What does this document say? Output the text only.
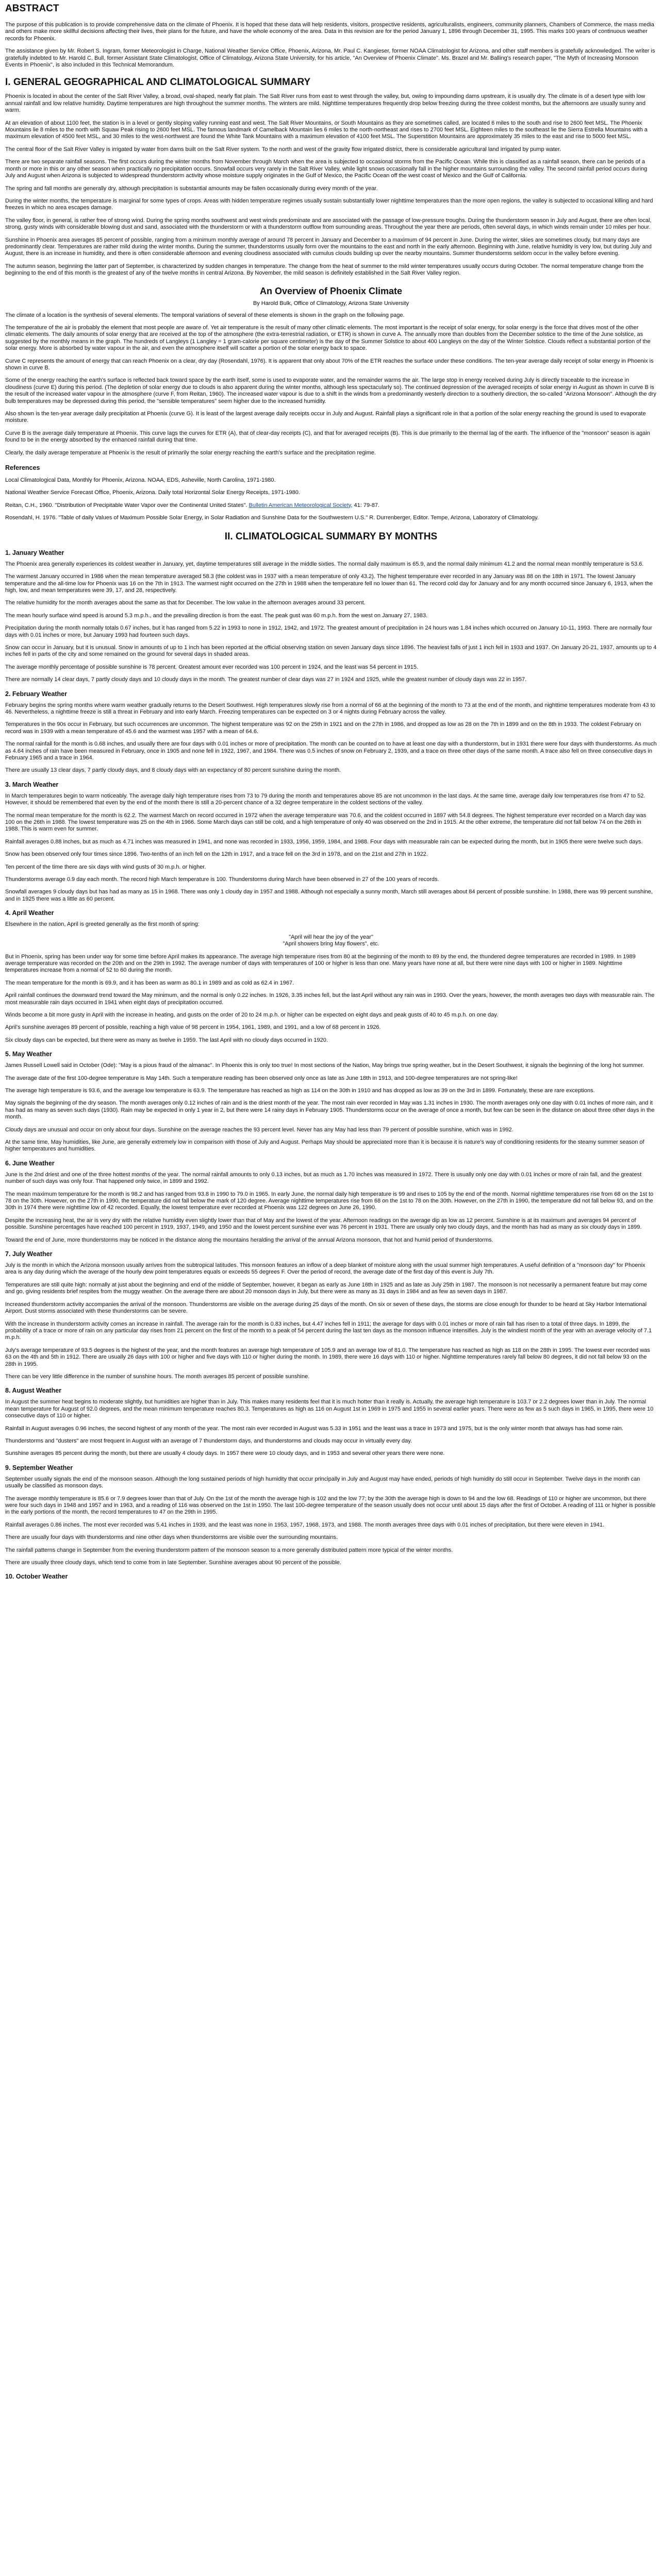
ABSTRACT

The purpose of this publication is to provide comprehensive data on the climate of Phoenix. It is hoped that these data will help residents, visitors, prospective residents, agriculturalists, engineers, community planners, Chambers of Commerce, the mass media and others make more skillful decisions affecting their lives, their plans for the future, and have the whole economy of the area. Data in this revision are for the period January 1, 1896 through December 31, 1995. This marks 100 years of continuous weather records for Phoenix.

The assistance given by Mr. Robert S. Ingram, former Meteorologist in Charge, National Weather Service Office, Phoenix, Arizona, Mr. Paul C. Kangieser, former NOAA Climatologist for Arizona, and other staff members is gratefully acknowledged. The writer is gratefully indebted to Mr. Harold C. Bull, former Assistant State Climatologist, Office of Climatology, Arizona State University, for his article, "An Overview of Phoenix Climate". Ms. Brazel and Mr. Balling's research paper, "The Myth of Increasing Monsoon Events in Phoenix", is also included in this Technical Memorandum.

I. GENERAL GEOGRAPHICAL AND CLIMATOLOGICAL SUMMARY

Phoenix is located in about the center of the Salt River Valley, a broad, oval-shaped, nearly flat plain. The Salt River runs from east to west through the valley, but, owing to impounding dams upstream, it is usually dry. The climate is of a desert type with low annual rainfall and low relative humidity. Daytime temperatures are high throughout the summer months. The winters are mild. Nighttime temperatures frequently drop below freezing during the three coldest months, but the afternoons are usually sunny and warm.

At an elevation of about 1100 feet, the station is in a level or gently sloping valley running east and west. The Salt River Mountains, or South Mountains as they are sometimes called, are located 6 miles to the south and rise to 2600 feet MSL. The Phoenix Mountains lie 8 miles to the north with Squaw Peak rising to 2600 feet MSL. The famous landmark of Camelback Mountain lies 6 miles to the north-northeast and rises to 2700 feet MSL. Eighteen miles to the southeast lie the Sierra Estrella Mountains with a maximum elevation of 4500 feet MSL, and 30 miles to the west-northwest are found the White Tank Mountains with a maximum elevation of 4100 feet MSL. The Superstition Mountains are approximately 35 miles to the east and rise to 5000 feet MSL.

The central floor of the Salt River Valley is irrigated by water from dams built on the Salt River system. To the north and west of the gravity flow irrigated district, there is considerable agricultural land irrigated by pump water.

There are two separate rainfall seasons. The first occurs during the winter months from November through March when the area is subjected to occasional storms from the Pacific Ocean. While this is classified as a rainfall season, there can be periods of a month or more in this or any other season when practically no precipitation occurs. Snowfall occurs very rarely in the Salt River Valley, while light snows occasionally fall in the higher mountains surrounding the valley. The second rainfall period occurs during July and August when Arizona is subjected to widespread thunderstorm activity whose moisture supply originates in the Gulf of Mexico, the Pacific Ocean off the west coast of Mexico and the Gulf of California.

The spring and fall months are generally dry, although precipitation is substantial amounts may be fallen occasionally during every month of the year.

During the winter months, the temperature is marginal for some types of crops. Areas with hidden temperature regimes usually sustain substantially lower nighttime temperatures than the more open regions, the valley is subjected to occasional killing and hard freezes in which no area escapes damage.

The valley floor, in general, is rather free of strong wind. During the spring months southwest and west winds predominate and are associated with the passage of low-pressure troughs. During the thunderstorm season in July and August, there are often local, strong, gusty winds with considerable blowing dust and sand, associated with the thunderstorm or with a thunderstorm outflow from surrounding areas. Throughout the year there are periods, often several days, in which winds remain under 10 miles per hour.

Sunshine in Phoenix area averages 85 percent of possible, ranging from a minimum monthly average of around 78 percent in January and December to a maximum of 94 percent in June. During the winter, skies are sometimes cloudy, but many days are predominantly clear. Temperatures are rather mild during the winter months. During the summer, thunderstorms usually form over the mountains to the east and north in the early afternoon. Beginning with June, relative humidity is very low, but during July and August, there is an increase in humidity, and there is often considerable afternoon and evening cloudiness associated with cumulus clouds building up over the nearby mountains. Summer thunderstorms seldom occur in the valley before evening.

The autumn season, beginning the latter part of September, is characterized by sudden changes in temperature. The change from the heat of summer to the mild winter temperatures usually occurs during October. The normal temperature change from the beginning to the end of this month is the greatest of any of the twelve months in central Arizona. By November, the mild season is definitely established in the Salt River Valley region.

An Overview of Phoenix Climate
By Harold Bulk, Office of Climatology, Arizona State University

The climate of a location is the synthesis of several elements. The temporal variations of several of these elements is shown in the graph on the following page.

The temperature of the air is probably the element that most people are aware of. Yet air temperature is the result of many other climatic elements. The most important is the receipt of solar energy, for solar energy is the force that drives most of the other climatic elements. The daily amounts of solar energy that are received at the top of the atmosphere (the extra-terrestrial radiation, or ETR) is shown in curve A. The annually more than doubles from the December solstice to the time of the June solstice, as suggested by the monthly means in the graph. The hundreds of Langleys (1 Langley = 1 gram-calorie per square centimeter) is the day of the Summer Solstice to about 400 Langleys on the day of the Winter Solstice. Clouds reflect a substantial portion of the solar energy. More is absorbed by water vapour in the air, and even the atmosphere itself will scatter a portion of the solar energy back to space.

Curve C represents the amount of energy that can reach Phoenix on a clear, dry day (Rosendahl, 1976). It is apparent that only about 70% of the ETR reaches the surface under these conditions. The ten-year average daily receipt of solar energy in Phoenix is shown in curve B.

Some of the energy reaching the earth's surface is reflected back toward space by the earth itself, some is used to evaporate water, and the remainder warms the air. The large stop in energy received during July is directly traceable to the increase in cloudiness (curve E) during this period. (The depletion of solar energy due to clouds is also apparent during the winter months, although less spectacularly so). The continued depression of the averaged receipts of solar energy in August as shown in curve B is the result of the increased water vapour in the atmosphere (curve F, from Reitan, 1960). The increased water vapour is due to a shift in the winds from a predominantly westerly direction to a southerly direction, the so-called "Arizona Monsoon". Although the dry bulb temperatures may be depressed during this period, the "sensible temperatures" seem higher due to the increased humidity.

Also shown is the ten-year average daily precipitation at Phoenix (curve G). It is least of the largest average daily receipts occur in July and August. Rainfall plays a significant role in that a portion of the solar energy reaching the ground is used to evaporate moisture.

Curve B is the average daily temperature at Phoenix. This curve lags the curves for ETR (A), that of clear-day receipts (C), and that for averaged receipts (B). This is due primarily to the thermal lag of the earth. The influence of the "monsoon" season is again found to be in the energy absorbed by the enhanced rainfall during that time.

Clearly, the daily average temperature at Phoenix is the result of primarily the solar energy reaching the earth's surface and the precipitation regime.

References

Local Climatological Data, Monthly for Phoenix, Arizona. NOAA, EDS, Asheville, North Carolina, 1971-1980.

National Weather Service Forecast Office, Phoenix, Arizona. Daily total Horizontal Solar Energy Receipts, 1971-1980.

Reitan, C.H., 1960. "Distribution of Precipitable Water Vapor over the Continental United States". Bulletin American Meteorological Society, 41: 79-87.

Rosendahl, H. 1976. "Table of daily Values of Maximum Possible Solar Energy, in Solar Radiation and Sunshine Data for the Southwestern U.S." R. Durrenberger, Editor. Tempe, Arizona, Laboratory of Climatology.

II. CLIMATOLOGICAL SUMMARY BY MONTHS
1. January Weather

The Phoenix area generally experiences its coldest weather in January, yet, daytime temperatures still average in the middle sixties. The normal daily maximum is 65.9, and the normal daily minimum 41.2 and the normal mean monthly temperature is 53.6.

The warmest January occurred in 1986 when the mean temperature averaged 58.3 (the coldest was in 1937 with a mean temperature of only 43.2). The highest temperature ever recorded in any January was 88 on the 18th in 1971. The lowest January temperature and the all-time low for Phoenix was 16 on the 7th in 1913. The warmest night occurred on the 27th in 1988 when the temperature fell no lower than 61. The record cold day for January and for any month occurred since January 6, 1913, when the high, low, and mean temperatures were 39, 17, and 28, respectively.

The relative humidity for the month averages about the same as that for December. The low value in the afternoon averages around 33 percent.

The mean hourly surface wind speed is around 5.3 m.p.h., and the prevailing direction is from the east. The peak gust was 60 m.p.h. from the west on January 27, 1983.

Precipitation during the month normally totals 0.67 inches, but it has ranged from 5.22 in 1993 to none in 1912, 1942, and 1972. The greatest amount of precipitation in 24 hours was 1.84 inches which occurred on January 10-11, 1993. There are normally four days with 0.01 inches or more, but January 1993 had fourteen such days.

Snow can occur in January, but it is unusual. Snow in amounts of up to 1 inch has been reported at the official observing station on seven January days since 1896. The heaviest falls of just 1 inch fell in 1933 and 1937. On January 20-21, 1937, amounts up to 4 inches fell in parts of the city and some remained on the ground for several days in shaded areas.

The average monthly percentage of possible sunshine is 78 percent. Greatest amount ever recorded was 100 percent in 1924, and the least was 54 percent in 1915.

There are normally 14 clear days, 7 partly cloudy days and 10 cloudy days in the month. The greatest number of clear days was 27 in 1924 and 1925, while the greatest number of cloudy days was 22 in 1957.

2. February Weather

February begins the spring months where warm weather gradually returns to the Desert Southwest. High temperatures slowly rise from a normal of 66 at the beginning of the month to 73 at the end of the month, and nighttime temperatures moderate from 43 to 46. Nevertheless, a nighttime freeze is still a threat in February and into early March. Freezing temperatures can be expected on 3 or 4 nights during February across the valley.

Temperatures in the 90s occur in February, but such occurrences are uncommon. The highest temperature was 92 on the 25th in 1921 and on the 27th in 1986, and dropped as low as 28 on the 7th in 1899 and on the 8th in 1933. The coldest February on record was in 1939 with a mean temperature of 45.6 and the warmest was 1957 with a mean of 64.6.

The normal rainfall for the month is 0.68 inches, and usually there are four days with 0.01 inches or more of precipitation. The month can be counted on to have at least one day with a thunderstorm, but in 1931 there were four days with thunderstorms. As much as 4.64 inches of rain have been measured in February, once in 1905 and none fell in 1922, 1967, and 1984. There was 0.5 inches of snow on February 2, 1939, and a trace on three other days of the same month. A trace also fell on three consecutive days in February 1965 and a trace in 1964.

There are usually 13 clear days, 7 partly cloudy days, and 8 cloudy days with an expectancy of 80 percent sunshine during the month.

3. March Weather

In March temperatures begin to warm noticeably. The average daily high temperature rises from 73 to 79 during the month and temperatures above 85 are not uncommon in the last days. At the same time, average daily low temperatures rise from 47 to 52. However, it should be remembered that even by the end of the month there is still a 20-percent chance of a 32 degree temperature in the coldest sections of the valley.

The normal mean temperature for the month is 62.2. The warmest March on record occurred in 1972 when the average temperature was 70.6, and the coldest occurred in 1897 with 54.8 degrees. The highest temperature ever recorded on a March day was 100 on the 26th in 1988. The lowest temperature was 25 on the 4th in 1966. Some March days can still be cold, and a high temperature of only 40 was observed on the 2nd in 1915. At the other extreme, the temperature did not fall below 74 on the 26th in 1988. This is warm even for summer.

Rainfall averages 0.88 inches, but as much as 4.71 inches was measured in 1941, and none was recorded in 1933, 1956, 1959, 1984, and 1988. Four days with measurable rain can be expected during the month, but in 1905 there were twelve such days.

Snow has been observed only four times since 1896. Two-tenths of an inch fell on the 12th in 1917, and a trace fell on the 3rd in 1978, and on the 21st and 27th in 1922.

Ten percent of the time there are six days with wind gusts of 30 m.p.h. or higher.

Thunderstorms average 0.9 day each month. The record high March temperature is 100. Thunderstorms during March have been observed in 27 of the 100 years of records.

Snowfall averages 9 cloudy days but has had as many as 15 in 1968. There was only 1 cloudy day in 1957 and 1988. Although not especially a sunny month, March still averages about 84 percent of possible sunshine. In 1988, there was 99 percent sunshine, and in 1925 there was a little as 60 percent.

4. April Weather

Elsewhere in the nation, April is greeted generally as the first month of spring:

"April will hear the joy of the year"
"April showers bring May flowers", etc.

But in Phoenix, spring has been under way for some time before April makes its appearance. The average high temperature rises from 80 at the beginning of the month to 89 by the end, the thundered degree temperatures are recorded in 1989. In 1989 average temperature was recorded on the 20th and on the 29th in 1992. The average number of days with temperatures of 100 or higher is less than one. Many years have none at all, but there were nine days with 100 or higher in 1989. Nighttime temperatures increase from a normal of 52 to 60 during the month.

The mean temperature for the month is 69.9, and it has been as warm as 80.1 in 1989 and as cold as 62.4 in 1967.

April rainfall continues the downward trend toward the May minimum, and the normal is only 0.22 inches. In 1926, 3.35 inches fell, but the last April without any rain was in 1993. Over the years, however, the month averages two days with measurable rain. The most measurable rain days occurred in 1941 when eight days of precipitation occurred.

Winds become a bit more gusty in April with the increase in heating, and gusts on the order of 20 to 24 m.p.h. or higher can be expected on eight days and peak gusts of 40 to 45 m.p.h. on one day.

April's sunshine averages 89 percent of possible, reaching a high value of 98 percent in 1954, 1961, 1989, and 1991, and a low of 68 percent in 1926.

Six cloudy days can be expected, but there were as many as twelve in 1959. The last April with no cloudy days occurred in 1920.

5. May Weather

James Russell Lowell said in October (Ode): "May is a pious fraud of the almanac". In Phoenix this is only too true! In most sections of the Nation, May brings true spring weather, but in the Desert Southwest, it signals the beginning of the long hot summer.

The average date of the first 100-degree temperature is May 14th. Such a temperature reading has been observed only once as late as June 18th in 1913, and 100-degree temperatures are not spring-like!

The average high temperature is 93.6, and the average low temperature is 63.9. The temperature has reached as high as 114 on the 30th in 1910 and has dropped as low as 39 on the 3rd in 1899. Fortunately, these are rare exceptions.

May signals the beginning of the dry season. The month averages only 0.12 inches of rain and is the driest month of the year. The most rain ever recorded in May was 1.31 inches in 1930. The month averages only one day with 0.01 inches of more rain, and it has had as many as seven such days (1930). Rain may be expected in only 1 year in 2, but there were 14 rainy days in February 1905. Thunderstorms occur on the average of once a month, but few can be seen in the distance on about three other days in the month.

Cloudy days are unusual and occur on only about four days. Sunshine on the average reaches the 93 percent level. Never has any May had less than 79 percent of possible sunshine, which was in 1992.

At the same time, May humidities, like June, are generally extremely low in comparison with those of July and August. Perhaps May should be appreciated more than it is because it is nature's way of conditioning residents for the steamy summer season of higher temperatures and humidities.

6. June Weather

June is the 2nd driest and one of the three hottest months of the year. The normal rainfall amounts to only 0.13 inches, but as much as 1.70 inches was measured in 1972. There is usually only one day with 0.01 inches or more of rain fall, and the greatest number of such days was only four. That happened only twice, in 1899 and 1992.

The mean maximum temperature for the month is 98.2 and has ranged from 93.8 in 1990 to 79.0 in 1965. In early June, the normal daily high temperature is 99 and rises to 105 by the end of the month. Normal nighttime temperatures rise from 68 on the 1st to 78 on the 30th. However, on the 27th in 1990, the temperature did not fall below the mark of 120 degree. Average nighttime temperatures rise from 68 on the 1st to 78 on the 30th. However, on the 27th in 1990, the temperature did not fall below 93, and on the 30th in 1974 there were nighttime low of 42 recorded. Equally, the lowest temperature ever recorded at Phoenix was 122 degrees on June 26, 1990.

Despite the increasing heat, the air is very dry with the relative humidity even slightly lower than that of May and the lowest of the year. Afternoon readings on the average dip as low as 12 percent. Sunshine is at its maximum and averages 94 percent of possible. Sunshine percentages have reached 100 percent in 1919, 1937, 1949, and 1950 and the lowest percent sunshine ever was 76 percent in 1931. There are usually only two cloudy days, and the month has had as many as six cloudy days in 1899.

Toward the end of June, more thunderstorms may be noticed in the distance along the mountains heralding the arrival of the annual Arizona monsoon, that hot and humid period of thunderstorms.

7. July Weather

July is the month in which the Arizona monsoon usually arrives from the subtropical latitudes. This monsoon features an inflow of a deep blanket of moisture along with the usual summer high temperatures. A useful definition of a "monsoon day" for Phoenix area is any day during which the average of the hourly dew point temperatures equals or exceeds 55 degrees F. Over the period of record, the average date of the first day of this event is July 7th.

Temperatures are still quite high: normally at just about the beginning and end of the middle of September, however, it began as early as June 16th in 1925 and as late as July 25th in 1987. The monsoon is not necessarily a permanent feature but may come and go, giving residents brief respites from the muggy weather. On the average there are about 20 monsoon days in July, but there were as many as 31 days in 1984 and as few as seven days in 1987.

Increased thunderstorm activity accompanies the arrival of the monsoon. Thunderstorms are visible on the average during 25 days of the month. On six or seven of these days, the storms are close enough for thunder to be heard at Sky Harbor International Airport. Dust storms associated with these thunderstorms can be severe.

With the increase in thunderstorm activity comes an increase in rainfall. The average rain for the month is 0.83 inches, but 4.47 inches fell in 1911; the average for days with 0.01 inches or more of rain fall has risen to a total of three days. In 1899, the probability of a trace or more of rain on any particular day rises from 21 percent on the first of the month to a peak of 54 percent during the last ten days as the monsoon influence intensifies. July is the windiest month of the year with an average velocity of 7.1 m.p.h.

July's average temperature of 93.5 degrees is the highest of the year, and the month features an average high temperature of 105.9 and an average low of 81.0. The temperature has reached as high as 118 on the 28th in 1995. The lowest ever recorded was 63 on the 4th and 5th in 1912. There are usually 26 days with 100 or higher and five days with 110 or higher during the month. In 1989, there were 16 days with 110 or higher. Nighttime temperatures rarely fall below 80 degrees, it did not fall below 93 on the 28th in 1995.

There can be very little difference in the number of sunshine hours. The month averages 85 percent of possible sunshine.

8. August Weather

In August the summer heat begins to moderate slightly, but humidities are higher than in July. This makes many residents feel that it is much hotter than it really is. Actually, the average high temperature is 103.7 or 2.2 degrees lower than in July. The normal mean temperature for August of 92.0 degrees, and the mean minimum temperature reaches 80.3. Temperatures as high as 116 on August 1st in 1969 in 1975 and 1955 in several earlier years. There were as few as 5 such days in 1965, in 1995, there were 10 consecutive days of 110 or higher.

Rainfall in August averages 0.96 inches, the second highest of any month of the year. The most rain ever recorded in August was 5.33 in 1951 and the least was a trace in 1973 and 1975, but is the only winter month that always has had some rain.

Thunderstorms and "dusters" are most frequent in August with an average of 7 thunderstorm days, and thunderstorms and clouds may occur in virtually every day.

Sunshine averages 85 percent during the month, but there are usually 4 cloudy days. In 1957 there were 10 cloudy days, and in 1953 and several other years there were none.

9. September Weather

September usually signals the end of the monsoon season. Although the long sustained periods of high humidity that occur principally in July and August may have ended, periods of high humidity do still occur in September. Twelve days in the month can usually be classified as monsoon days.

The average monthly temperature is 85.6 or 7.9 degrees lower than that of July. On the 1st of the month the average high is 102 and the low 77; by the 30th the average high is down to 94 and the low 68. Readings of 110 or higher are uncommon, but there were four such days in 1948 and 1957 and in 1963, and a reading of 116 was observed on the 1st in 1950. The last 100-degree temperature of the season usually does not occur until about 15 days after the first of October. A reading of 111 or higher is possible in the early portions of the month, the record temperatures to 47 on the 29th in 1995.

Rainfall averages 0.86 inches. The most ever recorded was 5.41 inches in 1939, and the least was none in 1953, 1957, 1968, 1973, and 1988. The month averages three days with 0.01 inches of precipitation, but there were eleven in 1941.

There are usually four days with thunderstorms and nine other days when thunderstorms are visible over the surrounding mountains.

The rainfall patterns change in September from the evening thunderstorm pattern of the monsoon season to a more generally distributed pattern more typical of the winter months.

There are usually three cloudy days, which tend to come from in late September. Sunshine averages about 90 percent of the possible.

10. October Weather
